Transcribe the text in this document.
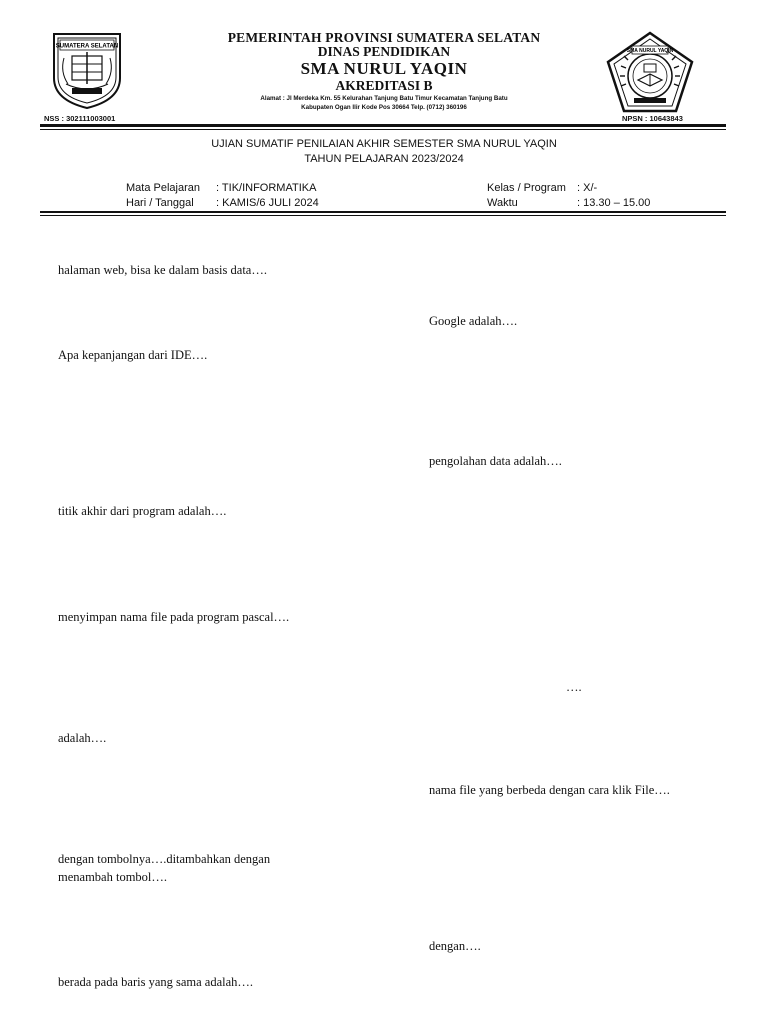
SUMATERA SELATAN
SMA NURUL YAQIN
PEMERINTAH PROVINSI SUMATERA SELATAN
DINAS PENDIDIKAN
SMA NURUL YAQIN
AKREDITASI B
Alamat : Jl Merdeka Km. 55 Kelurahan Tanjung Batu Timur Kecamatan Tanjung Batu
Kabupaten Ogan Ilir Kode Pos 30664 Telp. (0712) 360196
NSS : 302111003001	NPSN : 10643843
UJIAN SUMATIF PENILAIAN AKHIR SEMESTER SMA NURUL YAQIN
TAHUN PELAJARAN 2023/2024
Mata Pelajaran : TIK/INFORMATIKA
Hari / Tanggal : KAMIS/6 JULI 2024
Kelas / Program : X/-
Waktu	: 13.30 – 15.00
halaman web, bisa ke dalam basis data….
Google adalah….
Apa kepanjangan dari IDE….
pengolahan data adalah….
titik akhir dari program adalah….
menyimpan nama file pada program pascal….
….
adalah….
nama file yang berbeda dengan cara klik File….
dengan tombolnya….ditambahkan dengan
menambah tombol….
dengan….
berada pada baris yang sama adalah….
